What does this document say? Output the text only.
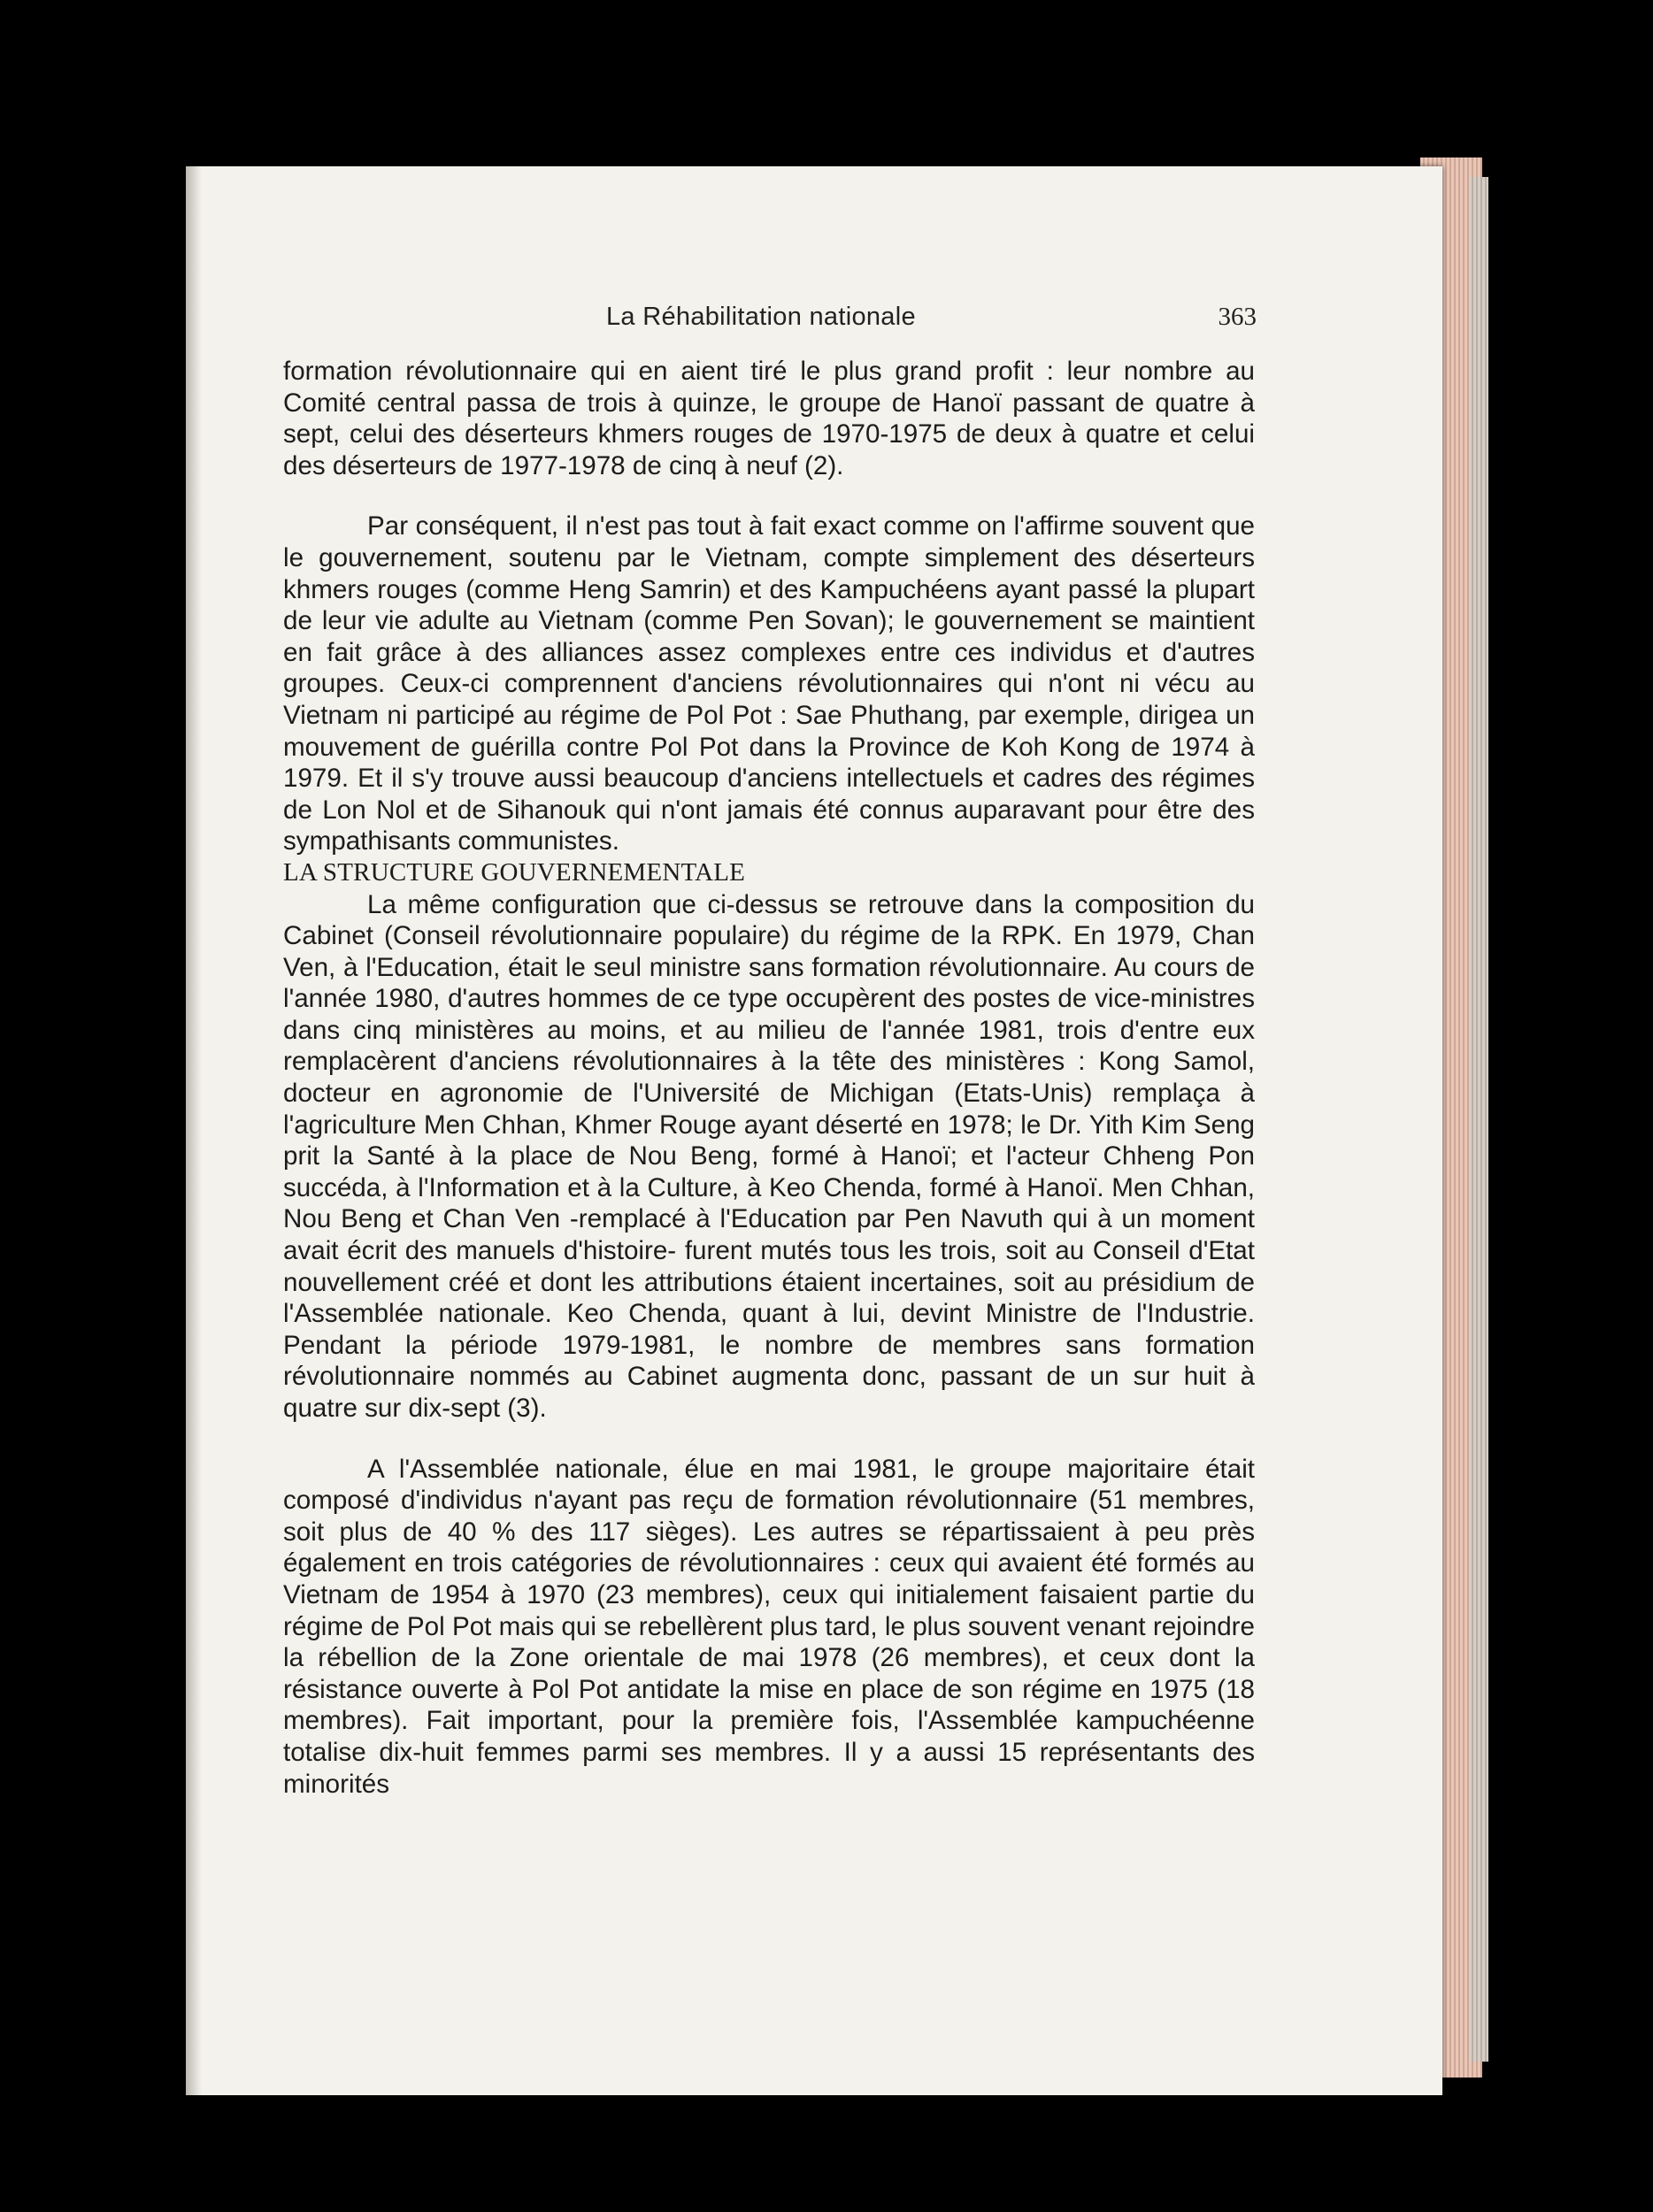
La Réhabilitation nationale	363

formation révolutionnaire qui en aient tiré le plus grand profit : leur nombre au Comité central passa de trois à quinze, le groupe de Hanoï passant de quatre à sept, celui des déserteurs khmers rouges de 1970-1975 de deux à quatre et celui des déserteurs de 1977-1978 de cinq à neuf (2).

Par conséquent, il n'est pas tout à fait exact comme on l'affirme souvent que le gouvernement, soutenu par le Vietnam, compte simplement des déserteurs khmers rouges (comme Heng Samrin) et des Kampuchéens ayant passé la plupart de leur vie adulte au Vietnam (comme Pen Sovan); le gouvernement se maintient en fait grâce à des alliances assez complexes entre ces individus et d'autres groupes. Ceux-ci comprennent d'anciens révolutionnaires qui n'ont ni vécu au Vietnam ni participé au régime de Pol Pot : Sae Phuthang, par exemple, dirigea un mouvement de guérilla contre Pol Pot dans la Province de Koh Kong de 1974 à 1979. Et il s'y trouve aussi beaucoup d'anciens intellectuels et cadres des régimes de Lon Nol et de Sihanouk qui n'ont jamais été connus auparavant pour être des sympathisants communistes.

LA STRUCTURE GOUVERNEMENTALE

La même configuration que ci-dessus se retrouve dans la composition du Cabinet (Conseil révolutionnaire populaire) du régime de la RPK. En 1979, Chan Ven, à l'Education, était le seul ministre sans formation révolutionnaire. Au cours de l'année 1980, d'autres hommes de ce type occupèrent des postes de vice-ministres dans cinq ministères au moins, et au milieu de l'année 1981, trois d'entre eux remplacèrent d'anciens révolutionnaires à la tête des ministères : Kong Samol, docteur en agronomie de l'Université de Michigan (Etats-Unis) remplaça à l'agriculture Men Chhan, Khmer Rouge ayant déserté en 1978; le Dr. Yith Kim Seng prit la Santé à la place de Nou Beng, formé à Hanoï; et l'acteur Chheng Pon succéda, à l'Information et à la Culture, à Keo Chenda, formé à Hanoï. Men Chhan, Nou Beng et Chan Ven -remplacé à l'Education par Pen Navuth qui à un moment avait écrit des manuels d'histoire- furent mutés tous les trois, soit au Conseil d'Etat nouvellement créé et dont les attributions étaient incertaines, soit au présidium de l'Assemblée nationale. Keo Chenda, quant à lui, devint Ministre de l'Industrie. Pendant la période 1979-1981, le nombre de membres sans formation révolutionnaire nommés au Cabinet augmenta donc, passant de un sur huit à quatre sur dix-sept (3).

A l'Assemblée nationale, élue en mai 1981, le groupe majoritaire était composé d'individus n'ayant pas reçu de formation révolutionnaire (51 membres, soit plus de 40 % des 117 sièges). Les autres se répartissaient à peu près également en trois catégories de révolutionnaires : ceux qui avaient été formés au Vietnam de 1954 à 1970 (23 membres), ceux qui initialement faisaient partie du régime de Pol Pot mais qui se rebellèrent plus tard, le plus souvent venant rejoindre la rébellion de la Zone orientale de mai 1978 (26 membres), et ceux dont la résistance ouverte à Pol Pot antidate la mise en place de son régime en 1975 (18 membres). Fait important, pour la première fois, l'Assemblée kampuchéenne totalise dix-huit femmes parmi ses membres. Il y a aussi 15 représentants des minorités
